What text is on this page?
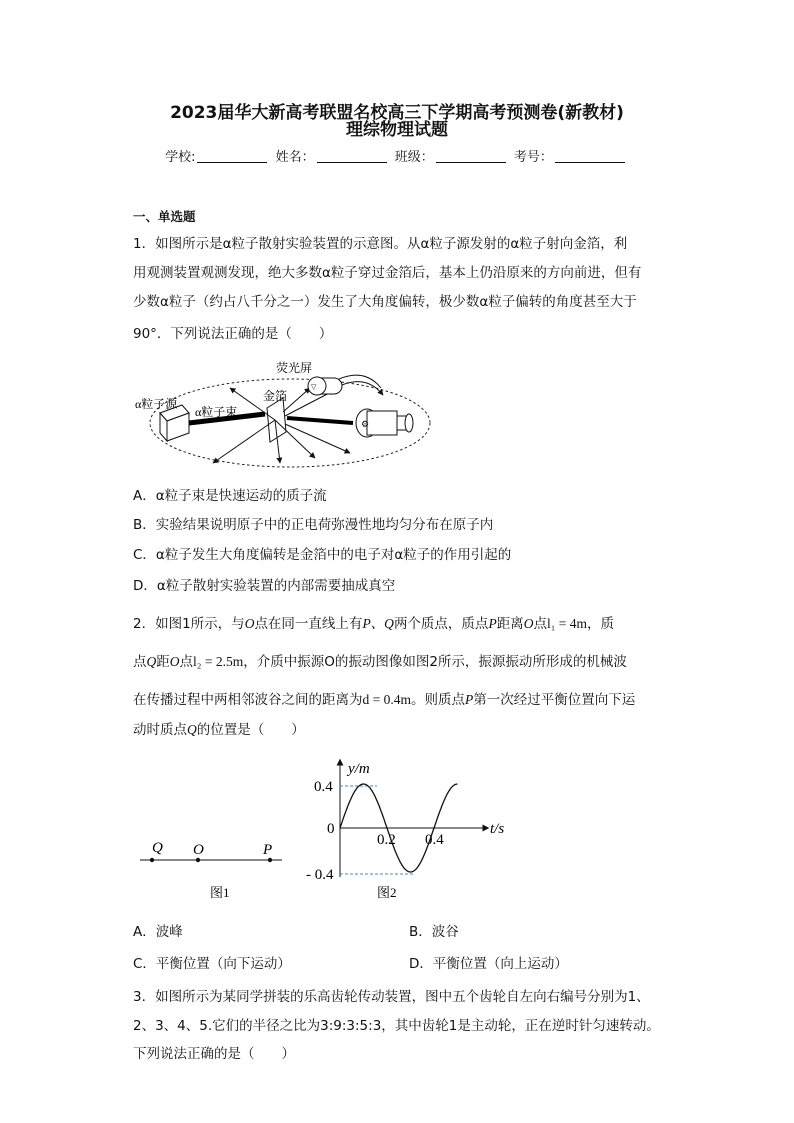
2023届华大新高考联盟名校高三下学期高考预测卷(新教材)
理综物理试题
学校:	姓名：	班级：	考号：
一、单选题
1．如图所示是α粒子散射实验装置的示意图。从α粒子源发射的α粒子射向金箔，利
用观测装置观测发现，绝大多数α粒子穿过金箔后，基本上仍沿原来的方向前进，但有
少数α粒子（约占八千分之一）发生了大角度偏转，极少数α粒子偏转的角度甚至大于
90°．下列说法正确的是（　　）
▽
⚙
荧光屏
α粒子源
α粒子束
金箔
A．α粒子束是快速运动的质子流
B．实验结果说明原子中的正电荷弥漫性地均匀分布在原子内
C．α粒子发生大角度偏转是金箔中的电子对α粒子的作用引起的
D．α粒子散射实验装置的内部需要抽成真空
2．如图1所示，与O点在同一直线上有P、Q两个质点，质点P距离O点l₁ = 4m，质
点Q距O点l₂ = 2.5m，介质中振源O的振动图像如图2所示，振源振动所形成的机械波
在传播过程中两相邻波谷之间的距离为d = 0.4m。则质点P第一次经过平衡位置向下运
动时质点Q的位置是（　　）
Q O	P
图1
y/m
t/s
0.4
0
- 0.4
0.2 0.4
图2
A．波峰	B．波谷
C．平衡位置（向下运动）	D．平衡位置（向上运动）
3．如图所示为某同学拼装的乐高齿轮传动装置，图中五个齿轮自左向右编号分别为1、
2、3、4、5.它们的半径之比为3:9:3:5:3，其中齿轮1是主动轮，正在逆时针匀速转动。
下列说法正确的是（　　）
